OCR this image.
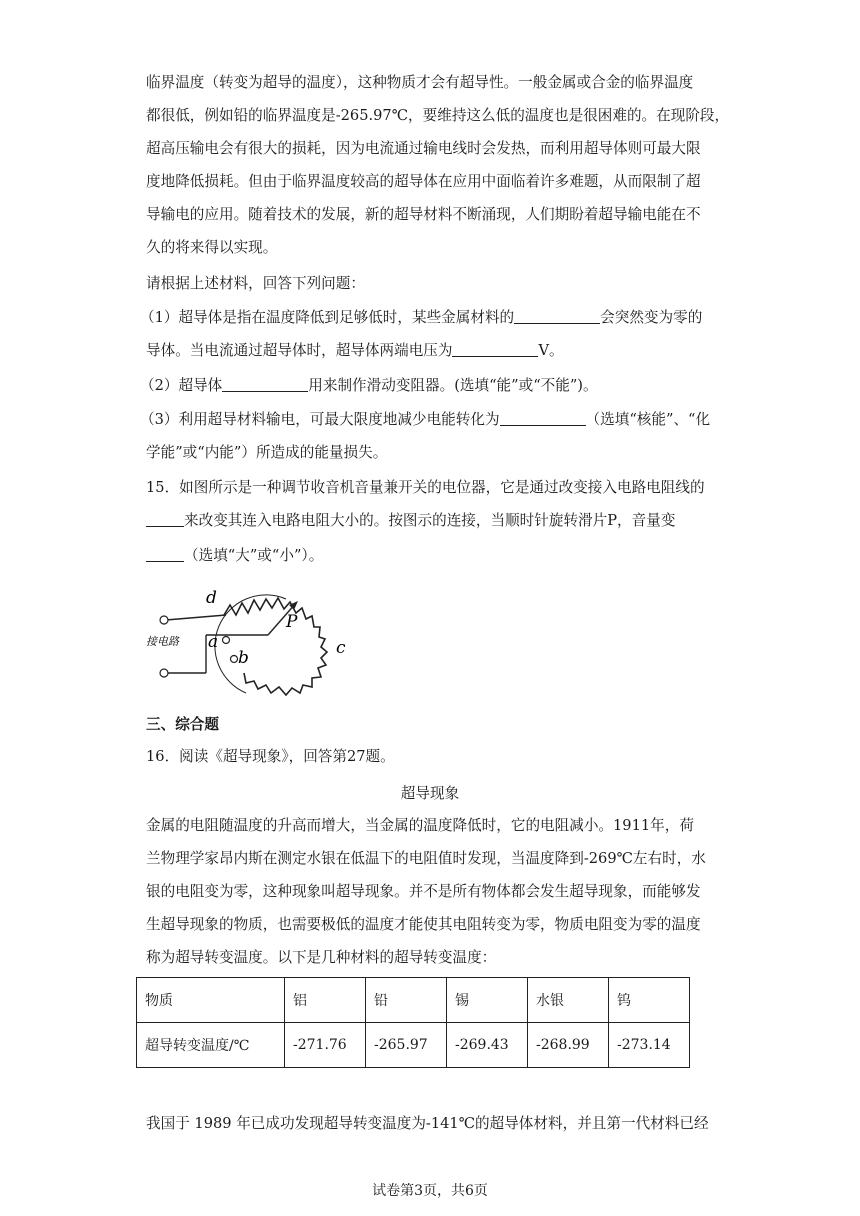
临界温度（转变为超导的温度），这种物质才会有超导性。一般金属或合金的临界温度
都很低，例如铅的临界温度是-265.97℃，要维持这么低的温度也是很困难的。在现阶段，
超高压输电会有很大的损耗，因为电流通过输电线时会发热，而利用超导体则可最大限
度地降低损耗。但由于临界温度较高的超导体在应用中面临着许多难题，从而限制了超
导输电的应用。随着技术的发展，新的超导材料不断涌现，人们期盼着超导输电能在不
久的将来得以实现。
请根据上述材料，回答下列问题：
（1）超导体是指在温度降低到足够低时，某些金属材料的	会突然变为零的
导体。当电流通过超导体时，超导体两端电压为	V。
（2）超导体	用来制作滑动变阻器。(选填“能”或“不能”)。
（3）利用超导材料输电，可最大限度地减少电能转化为	（选填“核能”、“化
学能”或“内能”）所造成的能量损失。
15．如图所示是一种调节收音机音量兼开关的电位器，它是通过改变接入电路电阻线的
来改变其连入电路电阻大小的。按图示的连接，当顺时针旋转滑片P，音量变
（选填“大”或“小”）。
接电路 a
b	c
d
P
三、综合题
16．阅读《超导现象》，回答第27题。
超导现象
金属的电阻随温度的升高而增大，当金属的温度降低时，它的电阻减小。1911年，荷
兰物理学家昂内斯在测定水银在低温下的电阻值时发现，当温度降到-269℃左右时，水
银的电阻变为零，这种现象叫超导现象。并不是所有物体都会发生超导现象，而能够发
生超导现象的物质，也需要极低的温度才能使其电阻转变为零，物质电阻变为零的温度
称为超导转变温度。以下是几种材料的超导转变温度：
物质	铝	铅	锡	水银	钨
超导转变温度/℃	-271.76	-265.97	-269.43	-268.99	-273.14
我国于 1989 年已成功发现超导转变温度为-141℃的超导体材料，并且第一代材料已经
试卷第3页，共6页
